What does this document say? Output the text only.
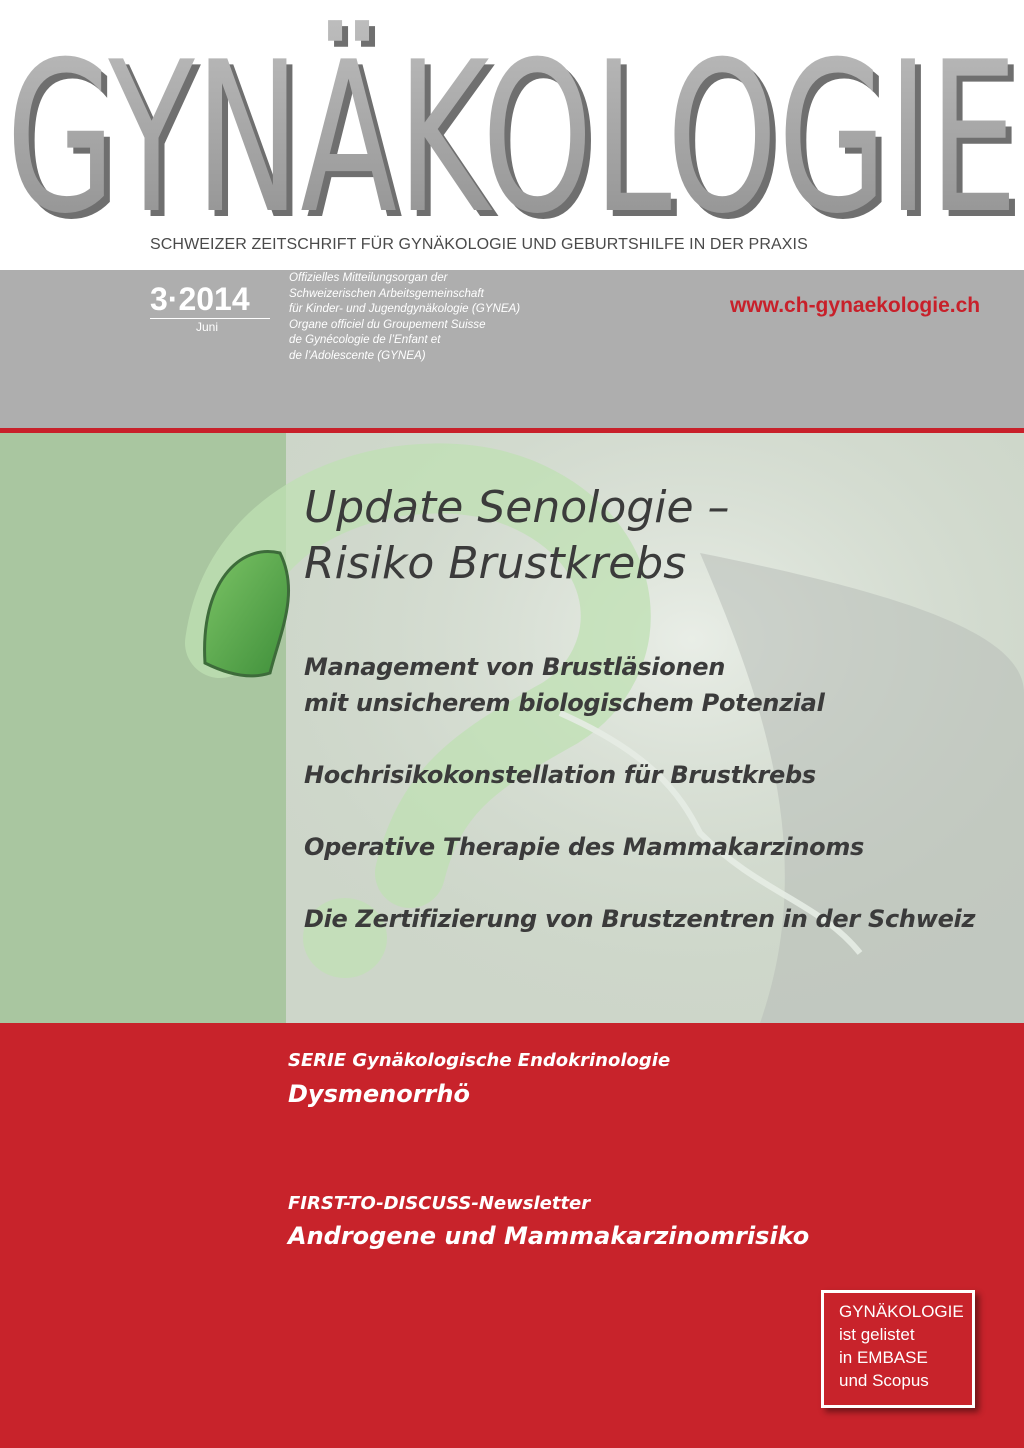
GYNÄKOLOGIE
GYNÄKOLOGIE
SCHWEIZER ZEITSCHRIFT FÜR GYNÄKOLOGIE UND GEBURTSHILFE IN DER PRAXIS
3·2014
Juni
Offizielles Mitteilungsorgan der
Schweizerischen Arbeitsgemeinschaft
für Kinder- und Jugendgynäkologie (GYNEA)
Organe officiel du Groupement Suisse
de Gynécologie de l’Enfant et
de l’Adolescente (GYNEA)
www.ch-gynaekologie.ch
Update Senologie –
Risiko Brustkrebs
Management von Brustläsionen
mit unsicherem biologischem Potenzial
Hochrisikokonstellation für Brustkrebs
Operative Therapie des Mammakarzinoms
Die Zertifizierung von Brustzentren in der Schweiz
SERIE Gynäkologische Endokrinologie
Dysmenorrhö
FIRST-TO-DISCUSS-Newsletter
Androgene und Mammakarzinomrisiko
GYNÄKOLOGIE
ist gelistet
in EMBASE
und Scopus
